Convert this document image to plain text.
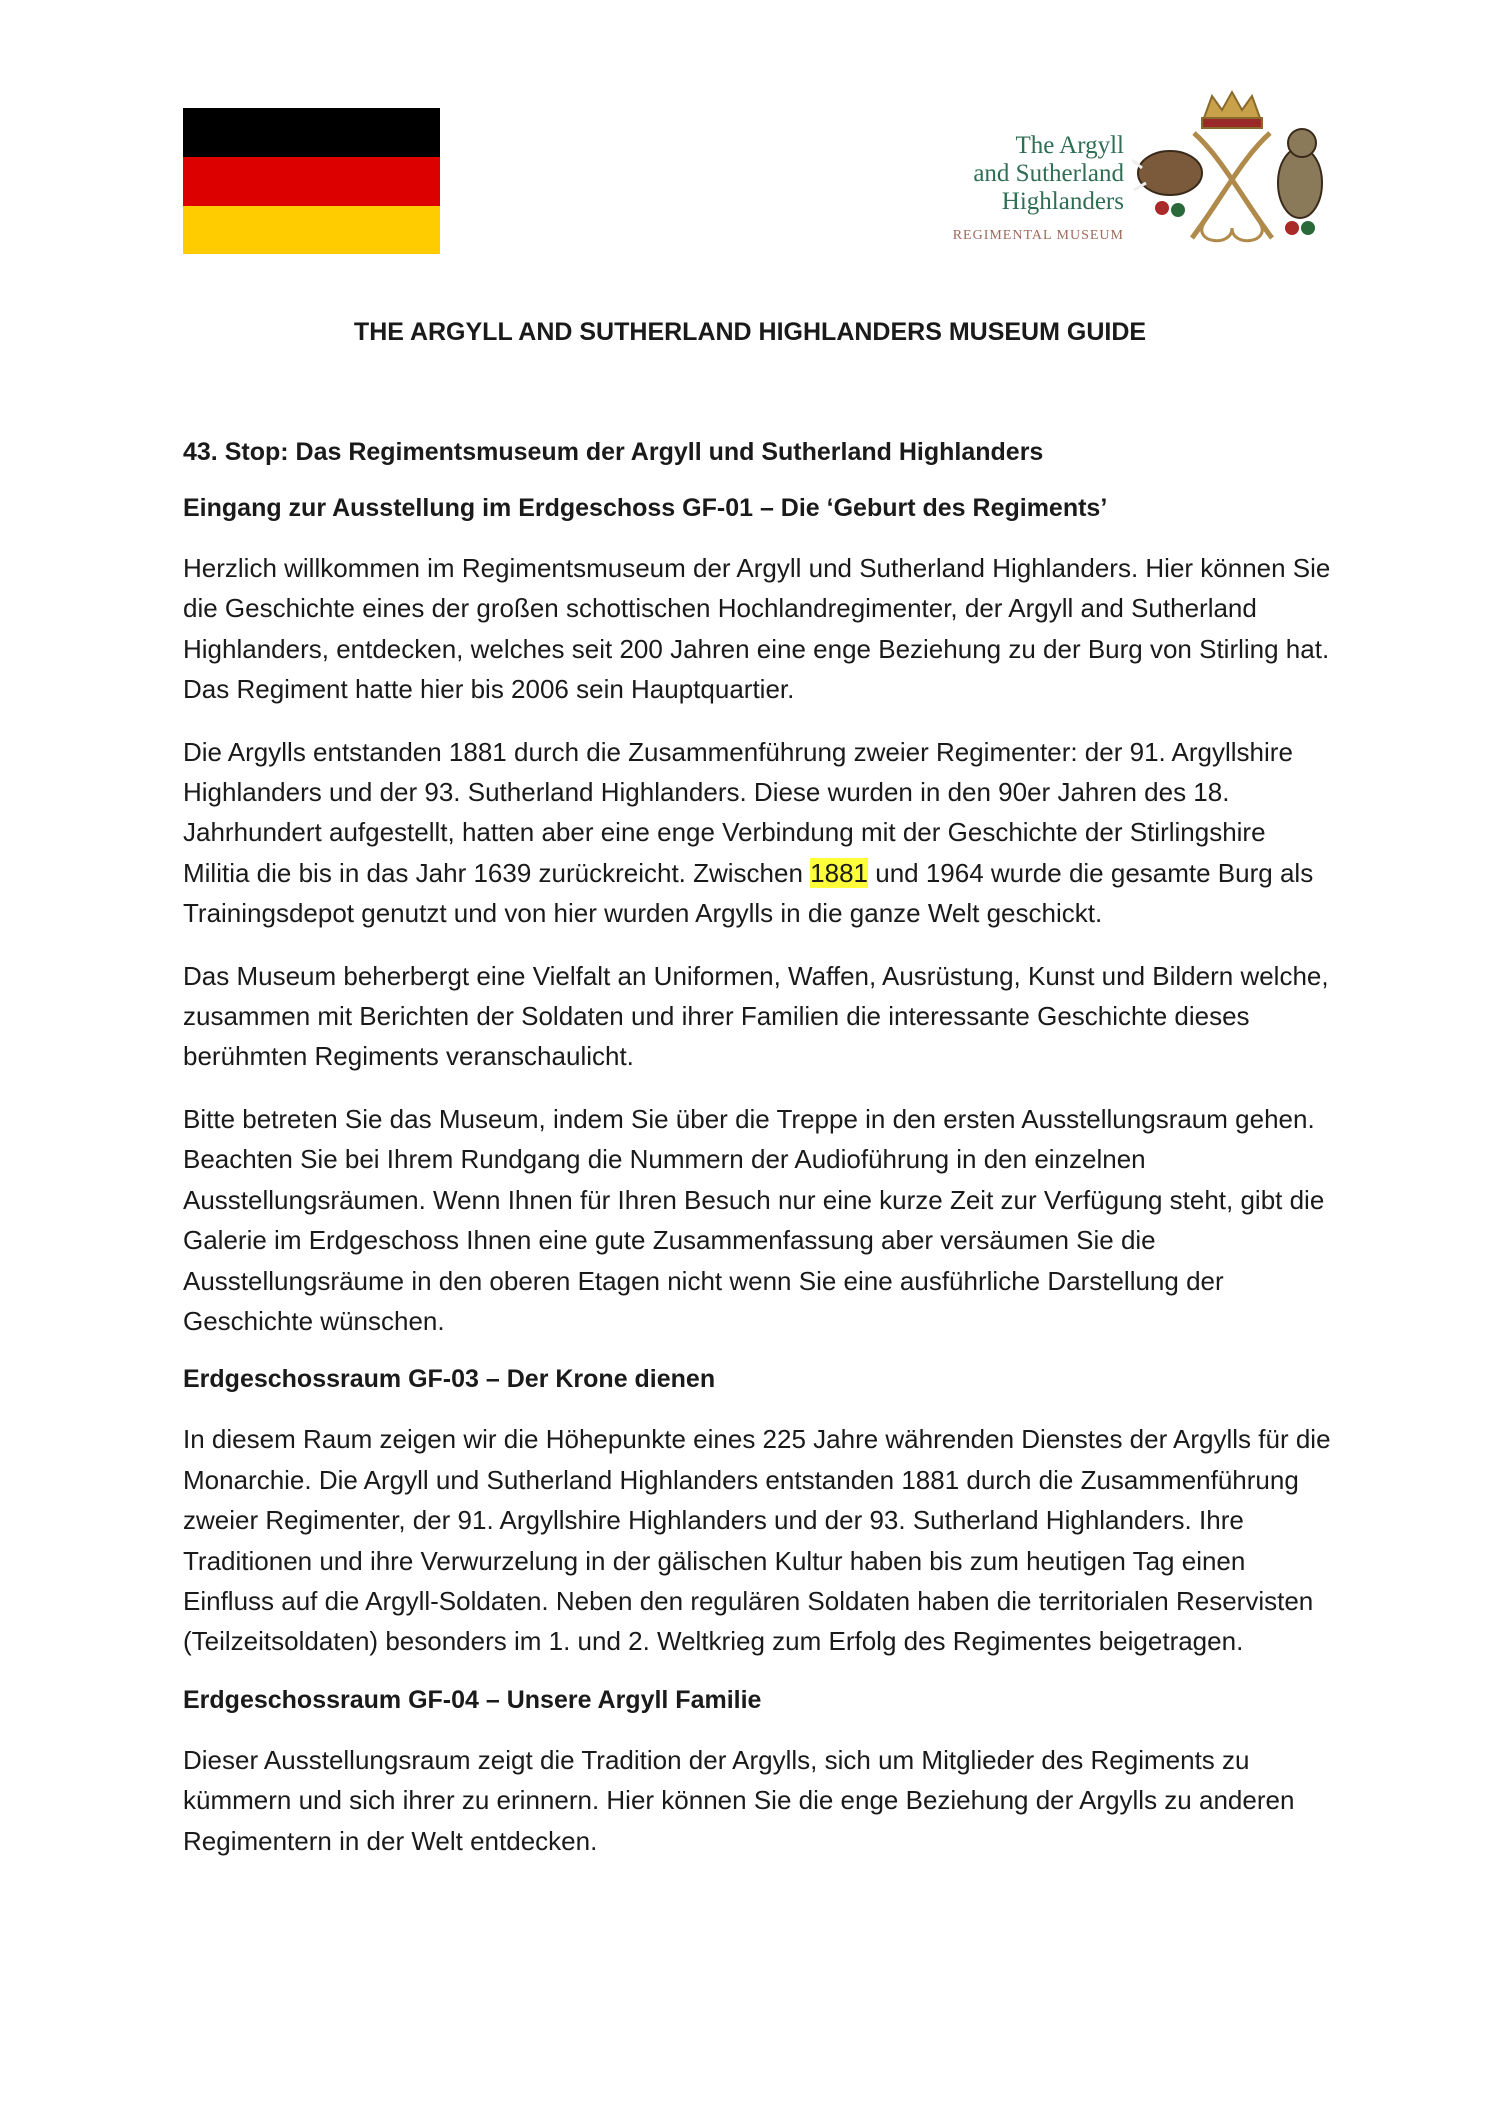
The Argyll
and Sutherland
Highlanders
REGIMENTAL MUSEUM
THE ARGYLL AND SUTHERLAND HIGHLANDERS MUSEUM GUIDE
43. Stop: Das Regimentsmuseum der Argyll und Sutherland Highlanders
Eingang zur Ausstellung im Erdgeschoss GF-01 – Die ‘Geburt des Regiments’

Herzlich willkommen im Regimentsmuseum der Argyll und Sutherland Highlanders. Hier können Sie die Geschichte eines der großen schottischen Hochlandregimenter, der Argyll and Sutherland Highlanders, entdecken, welches seit 200 Jahren eine enge Beziehung zu der Burg von Stirling hat. Das Regiment hatte hier bis 2006 sein Hauptquartier.

Die Argylls entstanden 1881 durch die Zusammenführung zweier Regimenter: der 91. Argyllshire Highlanders und der 93. Sutherland Highlanders. Diese wurden in den 90er Jahren des 18. Jahrhundert aufgestellt, hatten aber eine enge Verbindung mit der Geschichte der Stirlingshire Militia die bis in das Jahr 1639 zurückreicht. Zwischen 1881 und 1964 wurde die gesamte Burg als Trainingsdepot genutzt und von hier wurden Argylls in die ganze Welt geschickt.

Das Museum beherbergt eine Vielfalt an Uniformen, Waffen, Ausrüstung, Kunst und Bildern welche, zusammen mit Berichten der Soldaten und ihrer Familien die interessante Geschichte dieses berühmten Regiments veranschaulicht.

Bitte betreten Sie das Museum, indem Sie über die Treppe in den ersten Ausstellungsraum gehen. Beachten Sie bei Ihrem Rundgang die Nummern der Audioführung in den einzelnen Ausstellungsräumen. Wenn Ihnen für Ihren Besuch nur eine kurze Zeit zur Verfügung steht, gibt die Galerie im Erdgeschoss Ihnen eine gute Zusammenfassung aber versäumen Sie die Ausstellungsräume in den oberen Etagen nicht wenn Sie eine ausführliche Darstellung der Geschichte wünschen.

Erdgeschossraum GF-03 – Der Krone dienen

In diesem Raum zeigen wir die Höhepunkte eines 225 Jahre währenden Dienstes der Argylls für die Monarchie. Die Argyll und Sutherland Highlanders entstanden 1881 durch die Zusammenführung zweier Regimenter, der 91. Argyllshire Highlanders und der 93. Sutherland Highlanders. Ihre Traditionen und ihre Verwurzelung in der gälischen Kultur haben bis zum heutigen Tag einen Einfluss auf die Argyll-Soldaten. Neben den regulären Soldaten haben die territorialen Reservisten (Teilzeitsoldaten) besonders im 1. und 2. Weltkrieg zum Erfolg des Regimentes beigetragen.

Erdgeschossraum GF-04 – Unsere Argyll Familie

Dieser Ausstellungsraum zeigt die Tradition der Argylls, sich um Mitglieder des Regiments zu kümmern und sich ihrer zu erinnern. Hier können Sie die enge Beziehung der Argylls zu anderen Regimentern in der Welt entdecken.
